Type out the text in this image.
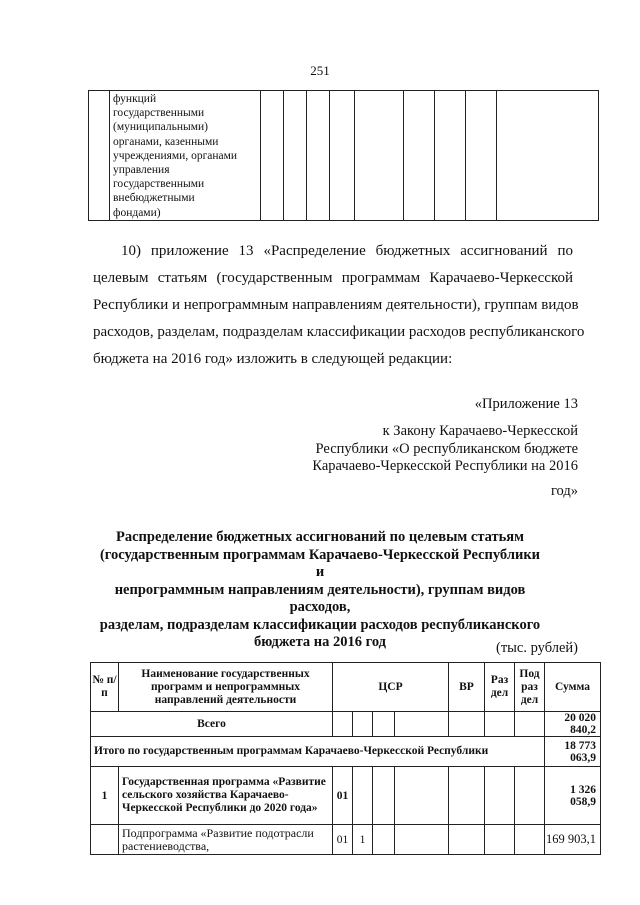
251

функций
государственными
(муниципальными)
органами, казенными
учреждениями, органами
управления
государственными
внебюджетными
фондами)

10) приложение 13 «Распределение бюджетных ассигнований по
целевым статьям (государственным программам Карачаево-Черкесской
Республики и непрограммным направлениям деятельности), группам видов
расходов, разделам, подразделам классификации расходов республиканского
бюджета на 2016 год» изложить в следующей редакции:
«Приложение 13
к Закону Карачаево-Черкесской
Республики «О республиканском бюджете
Карачаево-Черкесской Республики на 2016
год»
Распределение бюджетных ассигнований по целевым статьям
(государственным программам Карачаево-Черкесской Республики и
непрограммным направлениям деятельности), группам видов расходов,
разделам, подразделам классификации расходов республиканского
бюджета на 2016 год	(тыс. рублей)
№ п/п	Наименование государственных программ и непрограммных направлений деятельности	ЦСР				ВР	Раз дел	Под раз дел	Сумма
Всего									20 020 840,2
Итого по государственным программам Карачаево-Черкесской Республики									18 773 063,9
1	Государственная программа «Развитие сельского хозяйства Карачаево-Черкесской Республики до 2020 года»	01							1 326 058,9
	Подпрограмма «Развитие подотрасли растениеводства,	01	1						169 903,1
